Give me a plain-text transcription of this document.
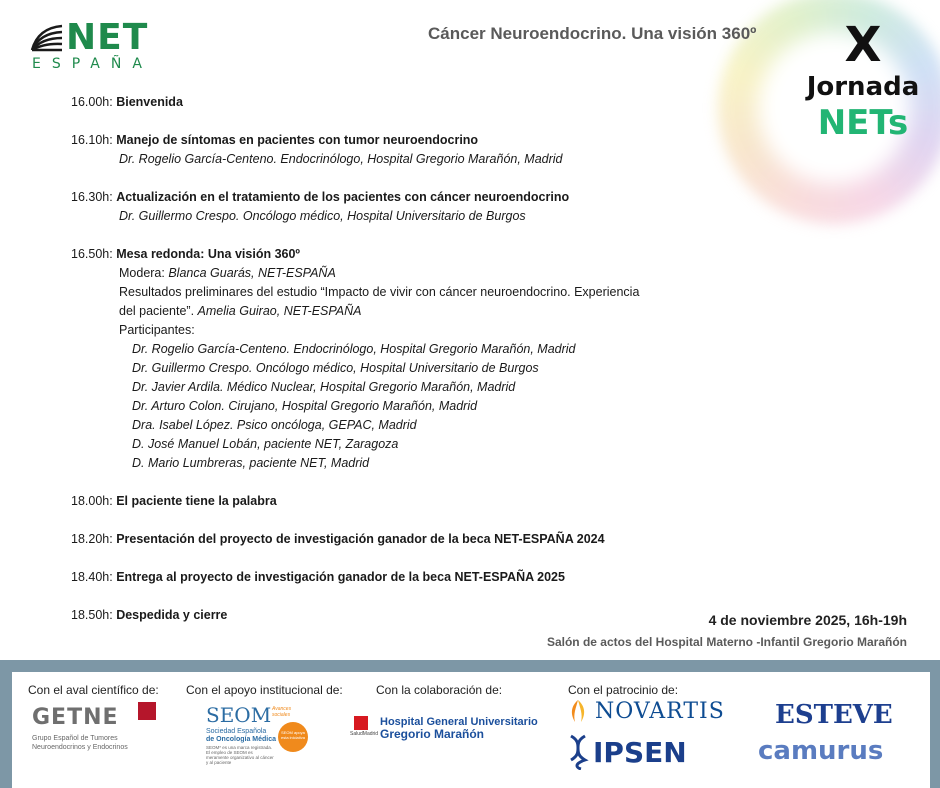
NET
ESPAÑA
Cáncer Neuroendocrino. Una visión 360º	X
Jornada
NETs
16.00h: Bienvenida
16.10h: Manejo de síntomas en pacientes con tumor neuroendocrino
Dr. Rogelio García-Centeno. Endocrinólogo, Hospital Gregorio Marañón, Madrid
16.30h: Actualización en el tratamiento de los pacientes con cáncer neuroendocrino
Dr. Guillermo Crespo. Oncólogo médico, Hospital Universitario de Burgos
16.50h: Mesa redonda: Una visión 360º
Modera: Blanca Guarás, NET-ESPAÑA
Resultados preliminares del estudio “Impacto de vivir con cáncer neuroendocrino. Experiencia
del paciente”. Amelia Guirao, NET-ESPAÑA
Participantes:
Dr. Rogelio García-Centeno. Endocrinólogo, Hospital Gregorio Marañón, Madrid
Dr. Guillermo Crespo. Oncólogo médico, Hospital Universitario de Burgos
Dr. Javier Ardila. Médico Nuclear, Hospital Gregorio Marañón, Madrid
Dr. Arturo Colon. Cirujano, Hospital Gregorio Marañón, Madrid
Dra. Isabel López. Psico oncóloga, GEPAC, Madrid
D. José Manuel Lobán, paciente NET, Zaragoza
D. Mario Lumbreras, paciente NET, Madrid
18.00h: El paciente tiene la palabra
18.20h: Presentación del proyecto de investigación ganador de la beca NET-ESPAÑA 2024
18.40h: Entrega al proyecto de investigación ganador de la beca NET-ESPAÑA 2025
18.50h: Despedida y cierre	4 de noviembre 2025, 16h-19h
Salón de actos del Hospital Materno -Infantil Gregorio Marañón
Con el aval científico de: Con el apoyo institucional de:	Con la colaboración de:	Con el patrocinio de:
GETNE
Grupo Español de Tumores
Neuroendocrinos y Endocrinos
Avances sociales
SEOM
Sociedad Española
de Oncología Médica
SEOM* es una marca registrada. El empleo de SEOM es meramente organizativo al cáncer y al paciente
SEOM apoya esta iniciativa
SaludMadrid
Hospital General Universitario
Gregorio Marañón
NOVARTIS
IPSEN
ESTEVE
camurus
